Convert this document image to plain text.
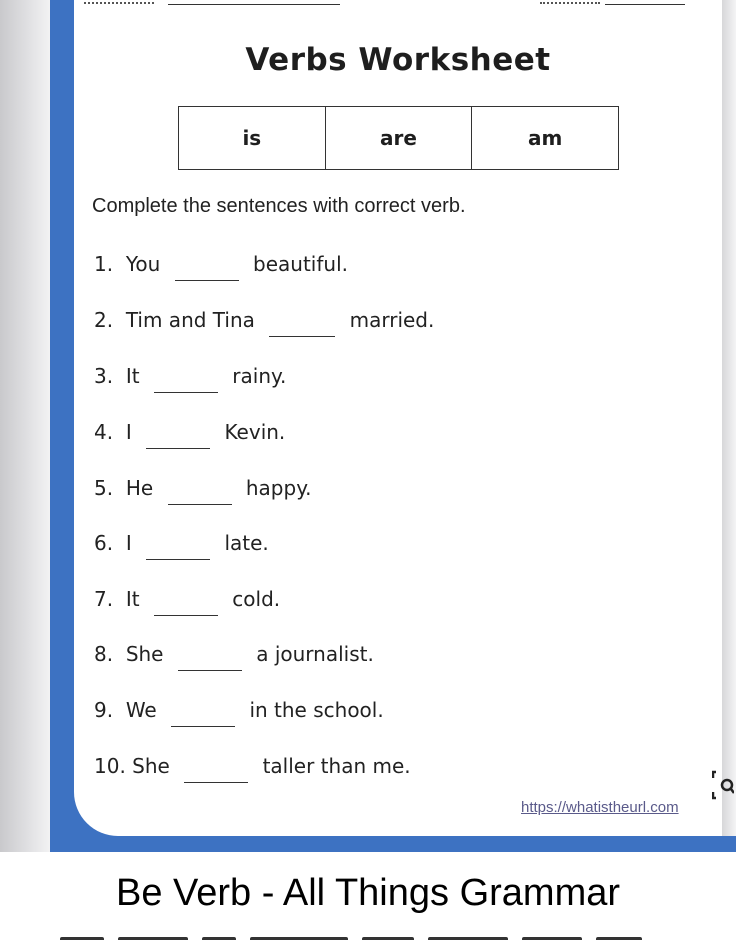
Verbs Worksheet
is	are	am
Complete the sentences with correct verb.
1. You	beautiful.
2. Tim and Tina	married.
3. It	rainy.
4. I	Kevin.
5. He	happy.
6. I	late.
7. It	cold.
8. She	a journalist.
9. We	in the school.
10. She	taller than me.
https://whatistheurl.com
Be Verb - All Things Grammar
